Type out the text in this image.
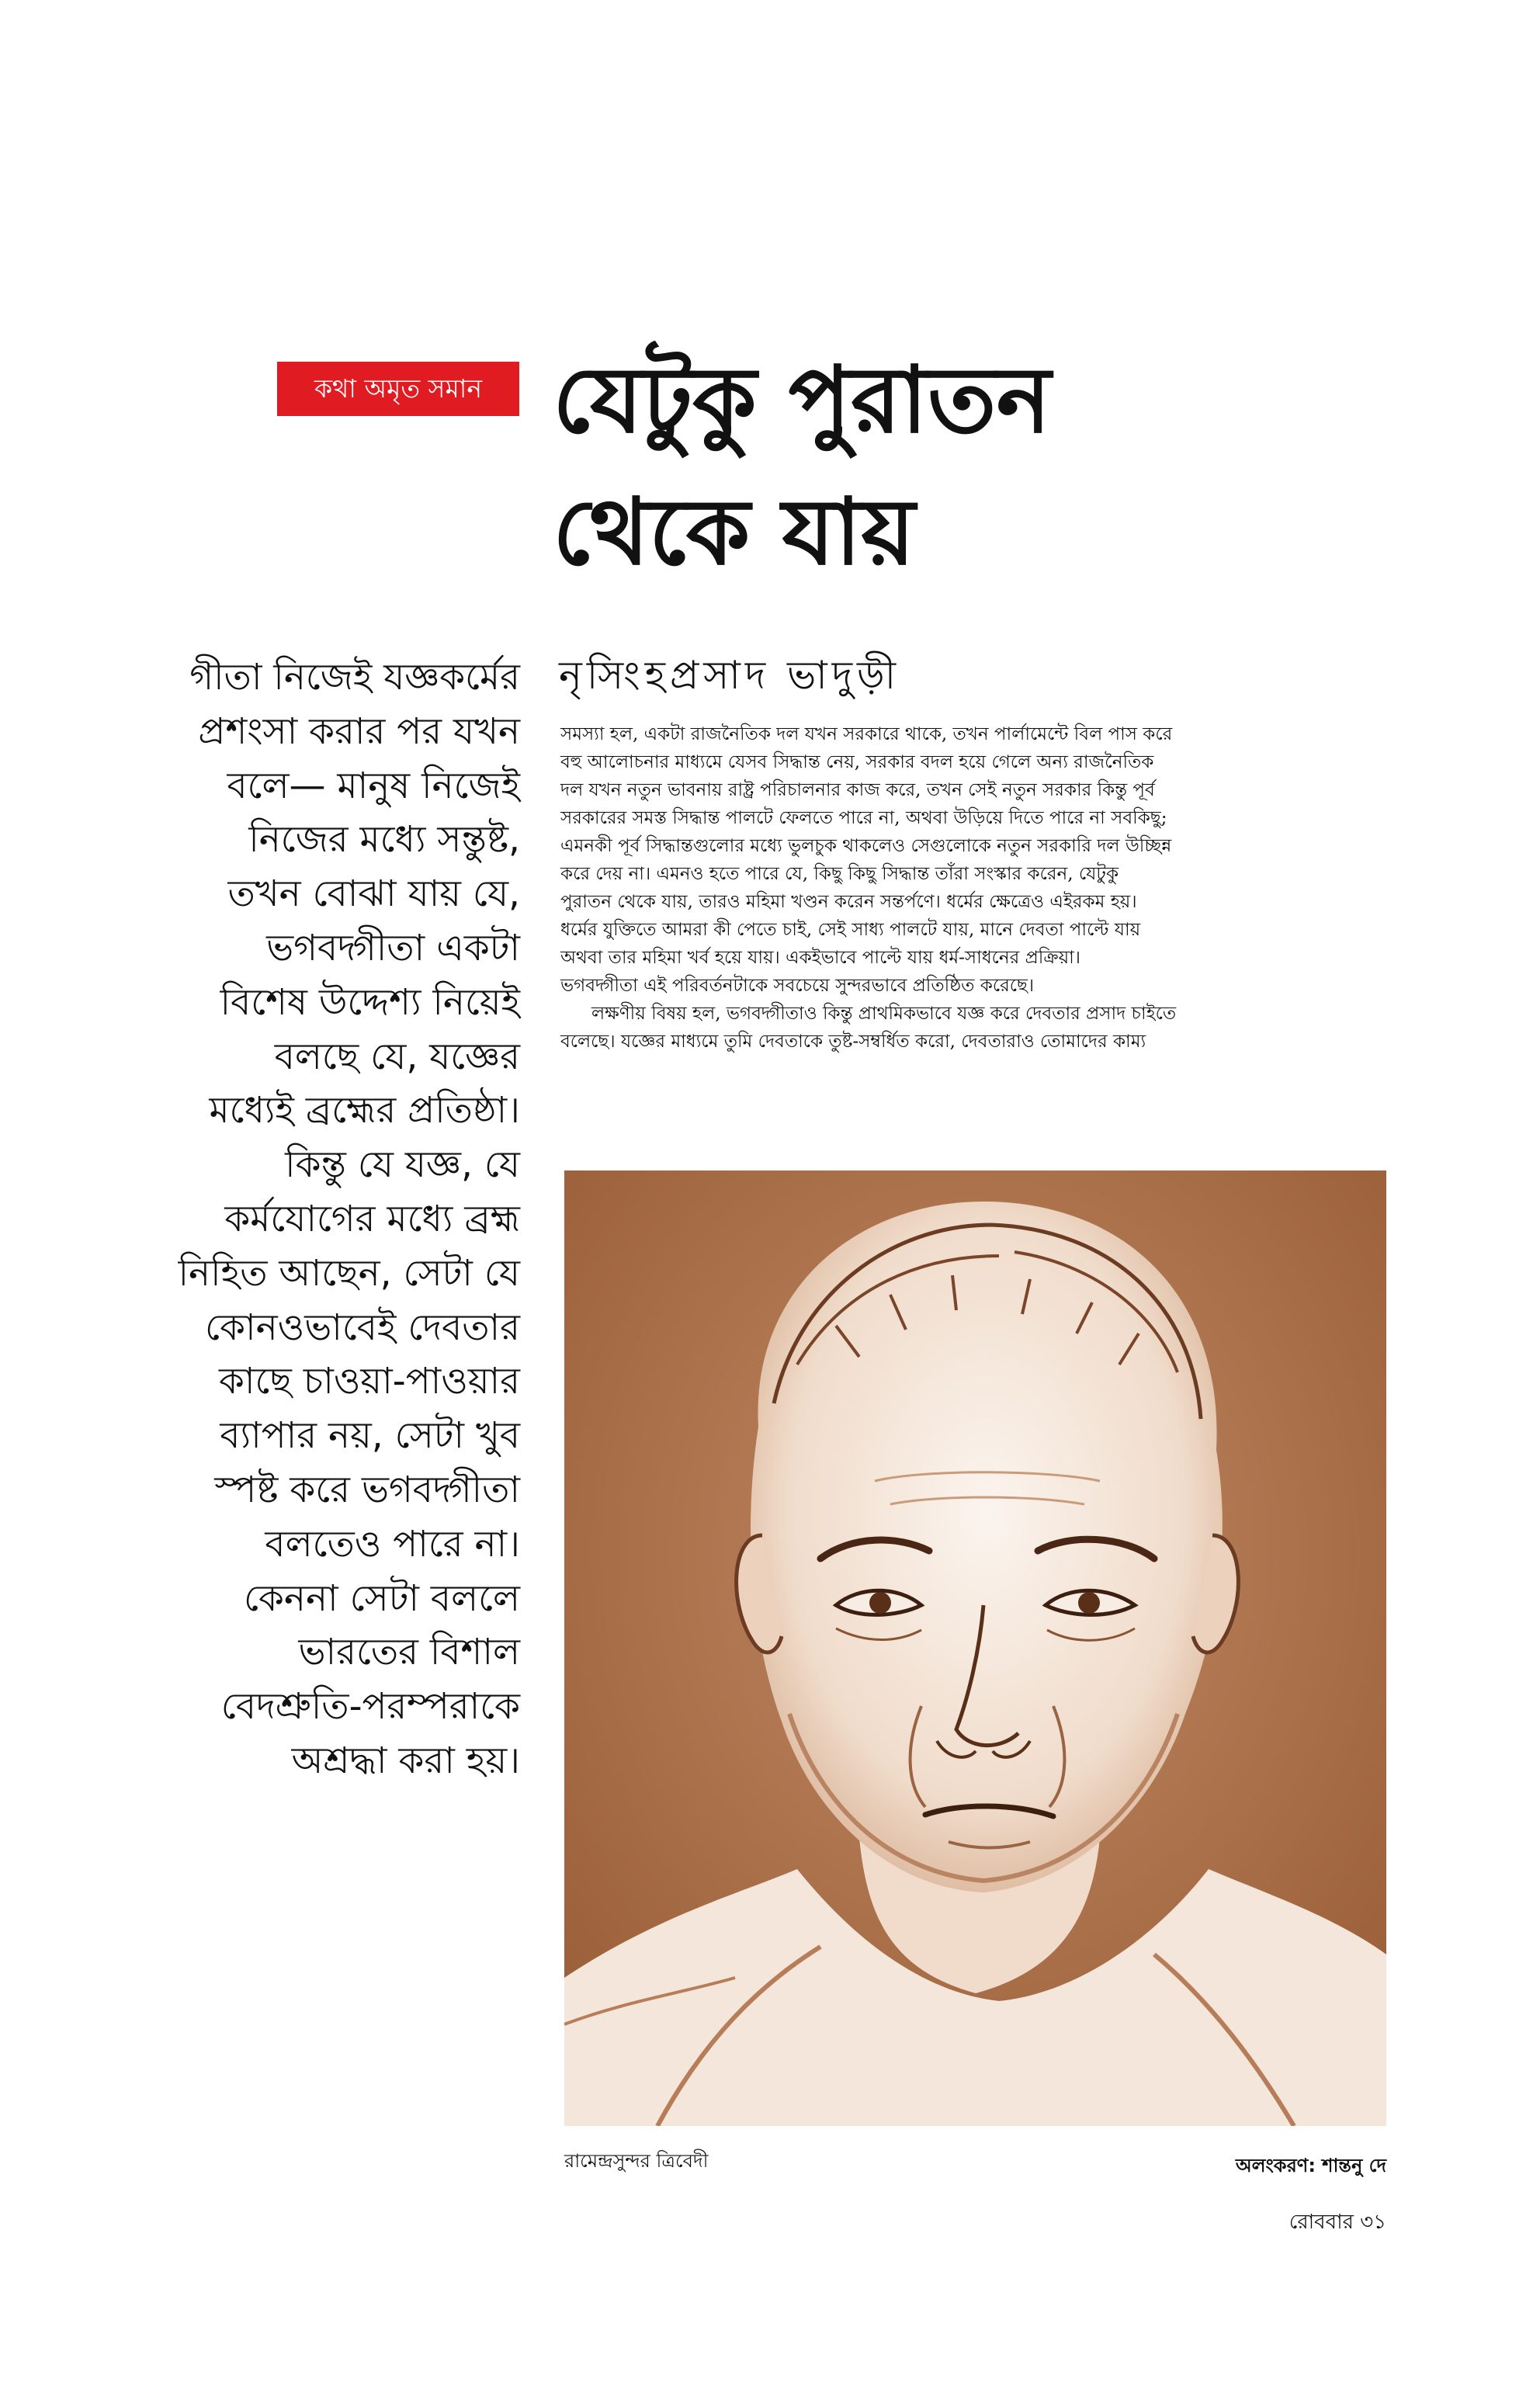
কথা অমৃত সমান যেটুকু পুরাতন
থেকে যায়
গীতা নিজেই যজ্ঞকর্মের
প্রশংসা করার পর যখন
বলে— মানুষ নিজেই
নিজের মধ্যে সন্তুষ্ট,
তখন বোঝা যায় যে,
ভগবদ্গীতা একটা
বিশেষ উদ্দেশ্য নিয়েই
বলছে যে, যজ্ঞের
মধ্যেই ব্রহ্মের প্রতিষ্ঠা।
কিন্তু যে যজ্ঞ, যে
কর্মযোগের মধ্যে ব্রহ্ম
নিহিত আছেন, সেটা যে
কোনওভাবেই দেবতার
কাছে চাওয়া-পাওয়ার
ব্যাপার নয়, সেটা খুব
স্পষ্ট করে ভগবদ্গীতা
বলতেও পারে না।
কেননা সেটা বললে
ভারতের বিশাল
বেদশ্রুতি-পরম্পরাকে
অশ্রদ্ধা করা হয়।
নৃসিংহপ্রসাদ ভাদুড়ী

সমস্যা হল, একটা রাজনৈতিক দল যখন সরকারে থাকে, তখন পার্লামেন্টে বিল পাস করে
বহু আলোচনার মাধ্যমে যেসব সিদ্ধান্ত নেয়, সরকার বদল হয়ে গেলে অন্য রাজনৈতিক
দল যখন নতুন ভাবনায় রাষ্ট্র পরিচালনার কাজ করে, তখন সেই নতুন সরকার কিন্তু পূর্ব
সরকারের সমস্ত সিদ্ধান্ত পালটে ফেলতে পারে না, অথবা উড়িয়ে দিতে পারে না সবকিছু;
এমনকী পূর্ব সিদ্ধান্তগুলোর মধ্যে ভুলচুক থাকলেও সেগুলোকে নতুন সরকারি দল উচ্ছিন্ন
করে দেয় না। এমনও হতে পারে যে, কিছু কিছু সিদ্ধান্ত তাঁরা সংস্কার করেন, যেটুকু
পুরাতন থেকে যায়, তারও মহিমা খণ্ডন করেন সন্তর্পণে। ধর্মের ক্ষেত্রেও এইরকম হয়।
ধর্মের যুক্তিতে আমরা কী পেতে চাই, সেই সাধ্য পালটে যায়, মানে দেবতা পাল্টে যায়
অথবা তার মহিমা খর্ব হয়ে যায়। একইভাবে পাল্টে যায় ধর্ম-সাধনের প্রক্রিয়া।
ভগবদ্গীতা এই পরিবর্তনটাকে সবচেয়ে সুন্দরভাবে প্রতিষ্ঠিত করেছে।

লক্ষণীয় বিষয় হল, ভগবদ্গীতাও কিন্তু প্রাথমিকভাবে যজ্ঞ করে দেবতার প্রসাদ চাইতে
বলেছে। যজ্ঞের মাধ্যমে তুমি দেবতাকে তুষ্ট-সম্বর্ধিত করো, দেবতারাও তোমাদের কাম্য

রামেন্দ্রসুন্দর ত্রিবেদী	অলংকরণ: শান্তনু দে
রোববার ৩১
